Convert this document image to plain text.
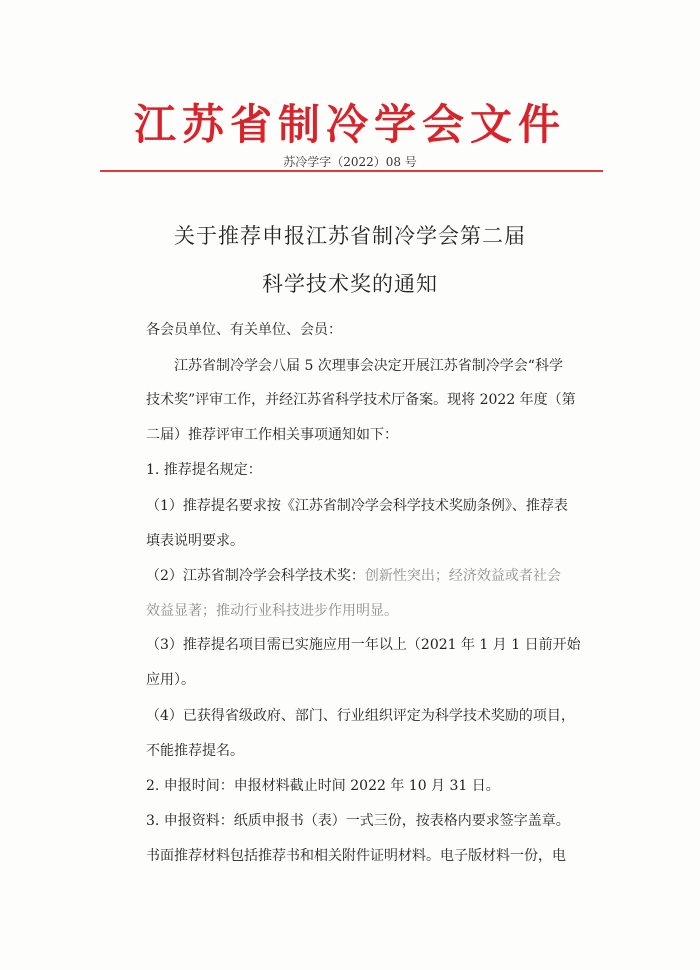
江苏省制冷学会文件
苏冷学字（2022）08 号
关于推荐申报江苏省制冷学会第二届
科学技术奖的通知
各会员单位、有关单位、会员：
江苏省制冷学会八届 5 次理事会决定开展江苏省制冷学会“科学
技术奖”评审工作，并经江苏省科学技术厅备案。现将 2022 年度（第
二届）推荐评审工作相关事项通知如下：
1. 推荐提名规定：
（1）推荐提名要求按《江苏省制冷学会科学技术奖励条例》、推荐表
填表说明要求。
（2）江苏省制冷学会科学技术奖：创新性突出；经济效益或者社会
效益显著；推动行业科技进步作用明显。
（3）推荐提名项目需已实施应用一年以上（2021 年 1 月 1 日前开始
应用）。
（4）已获得省级政府、部门、行业组织评定为科学技术奖励的项目，
不能推荐提名。
2. 申报时间：申报材料截止时间 2022 年 10 月 31 日。
3. 申报资料：纸质申报书（表）一式三份，按表格内要求签字盖章。
书面推荐材料包括推荐书和相关附件证明材料。电子版材料一份，电
